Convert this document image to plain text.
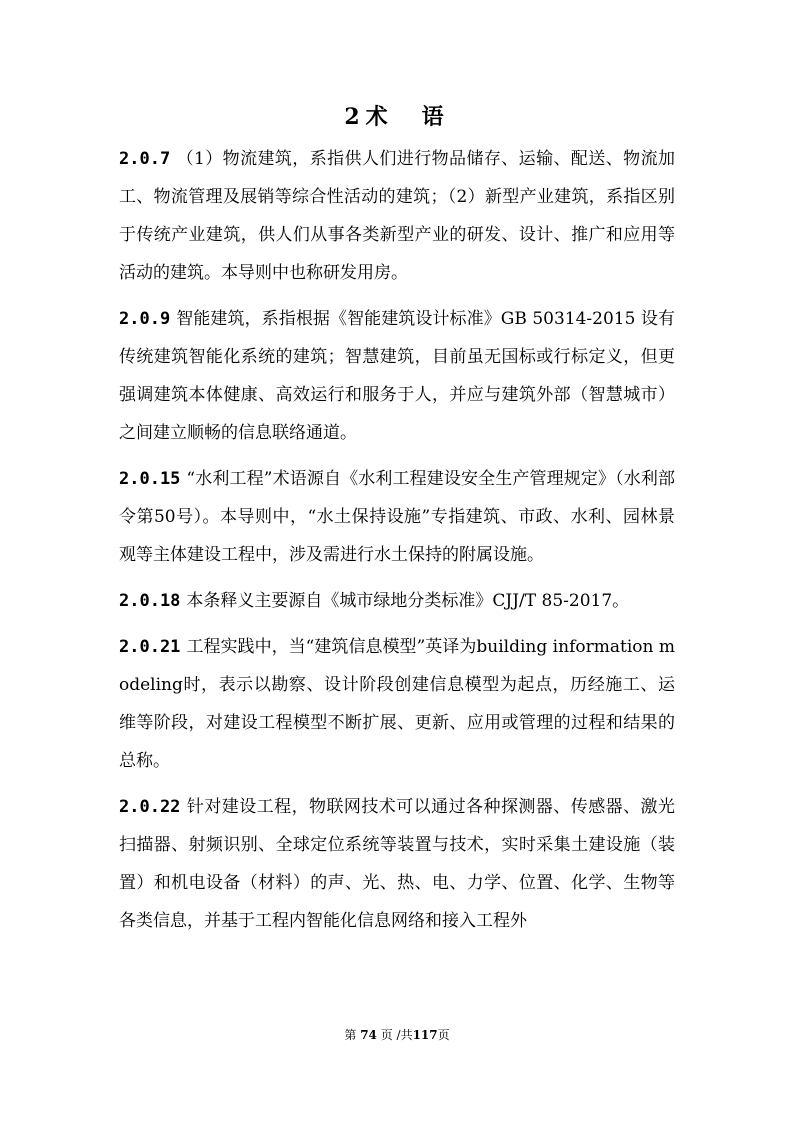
2术　语

2.0.7 （1）物流建筑，系指供人们进行物品储存、运输、配送、物流加工、物流管理及展销等综合性活动的建筑；（2）新型产业建筑，系指区别于传统产业建筑，供人们从事各类新型产业的研发、设计、推广和应用等活动的建筑。本导则中也称研发用房。

2.0.9 智能建筑，系指根据《智能建筑设计标准》GB 50314-2015 设有传统建筑智能化系统的建筑；智慧建筑，目前虽无国标或行标定义，但更强调建筑本体健康、高效运行和服务于人，并应与建筑外部（智慧城市）之间建立顺畅的信息联络通道。

2.0.15 “水利工程”术语源自《水利工程建设安全生产管理规定》（水利部令第50号）。本导则中，“水土保持设施”专指建筑、市政、水利、园林景观等主体建设工程中，涉及需进行水土保持的附属设施。

2.0.18 本条释义主要源自《城市绿地分类标准》CJJ/T 85-2017。

2.0.21 工程实践中，当“建筑信息模型”英译为building information modeling时，表示以勘察、设计阶段创建信息模型为起点，历经施工、运维等阶段，对建设工程模型不断扩展、更新、应用或管理的过程和结果的总称。

2.0.22 针对建设工程，物联网技术可以通过各种探测器、传感器、激光扫描器、射频识别、全球定位系统等装置与技术，实时采集土建设施（装置）和机电设备（材料）的声、光、热、电、力学、位置、化学、生物等各类信息，并基于工程内智能化信息网络和接入工程外

第 74 页 /共117页
